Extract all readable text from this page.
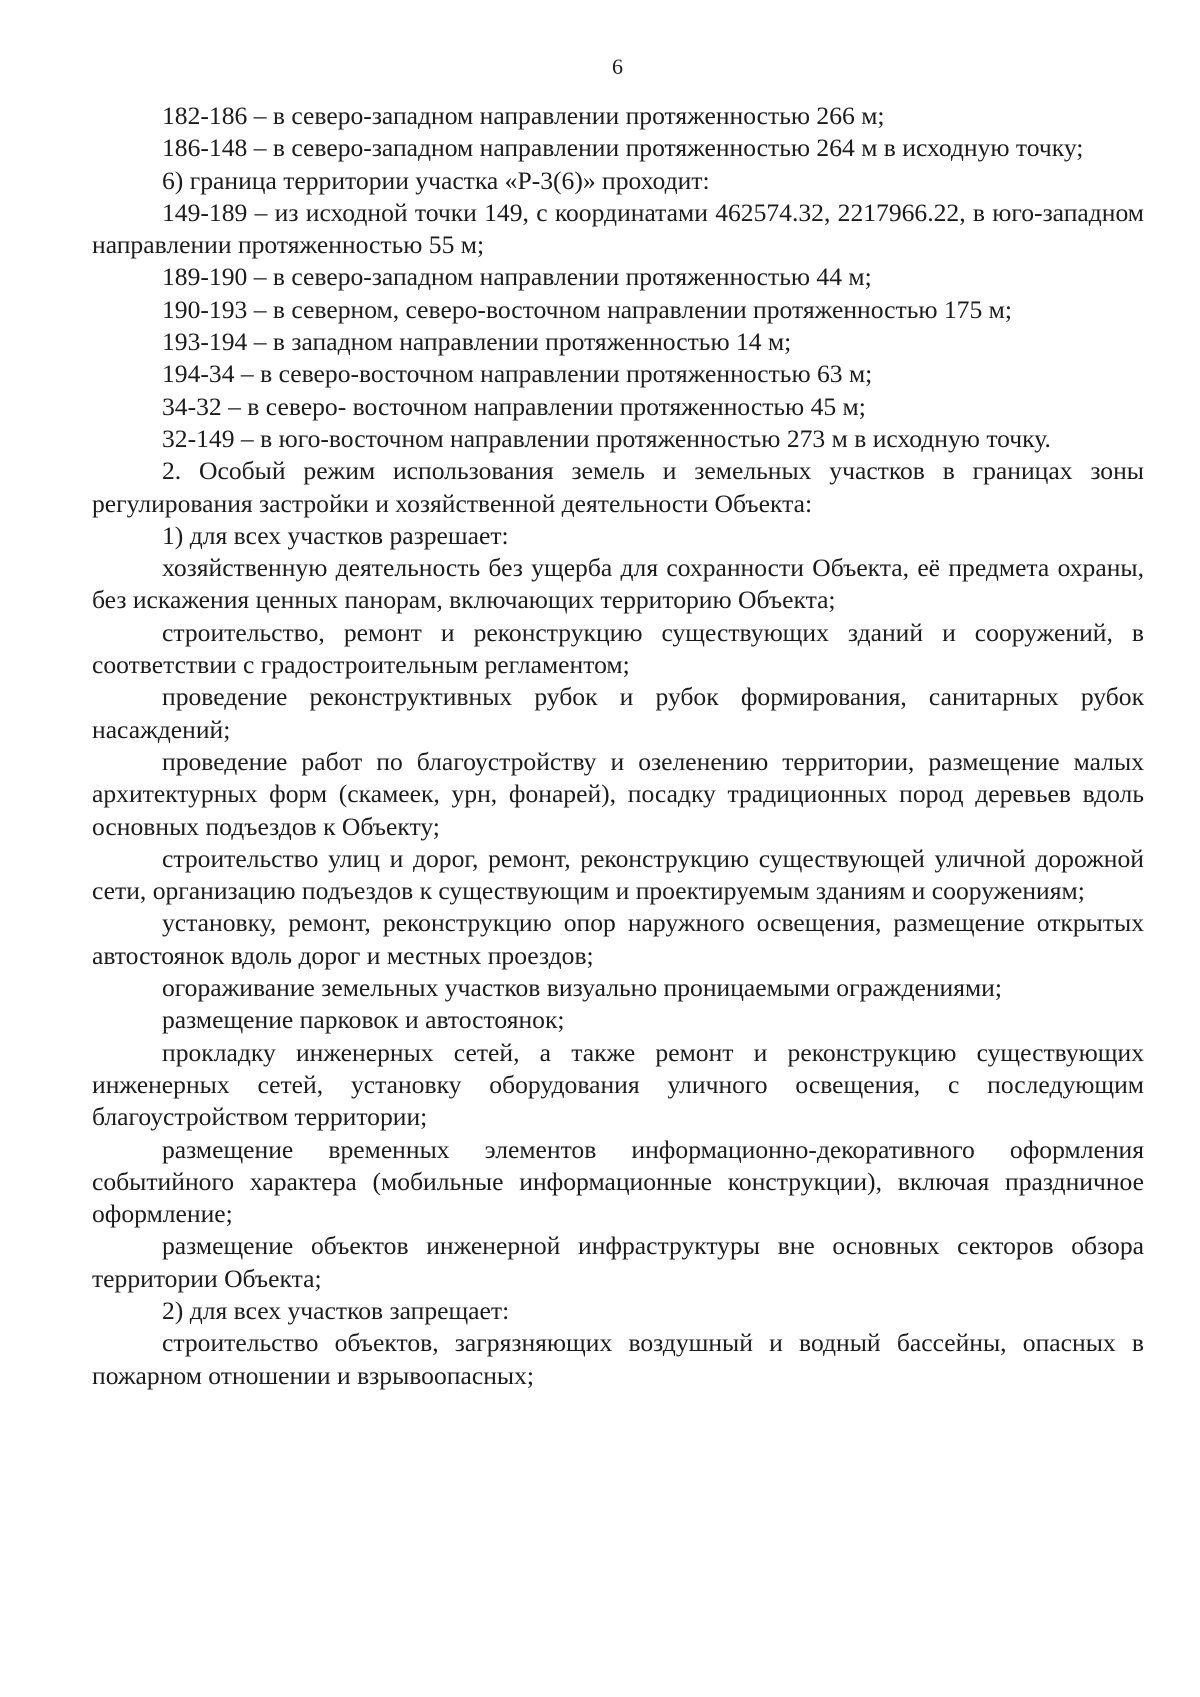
6

182-186 – в северо-западном направлении протяженностью 266 м;

186-148 – в северо-западном направлении протяженностью 264 м в исходную точку;

6) граница территории участка «Р-3(6)» проходит:

149-189 – из исходной точки 149, с координатами 462574.32, 2217966.22, в юго-западном направлении протяженностью 55 м;

189-190 – в северо-западном направлении протяженностью 44 м;

190-193 – в северном, северо-восточном направлении протяженностью 175 м;

193-194 – в западном направлении протяженностью 14 м;

194-34 – в северо-восточном направлении протяженностью 63 м;

34-32 – в северо- восточном направлении протяженностью 45 м;

32-149 – в юго-восточном направлении протяженностью 273 м в исходную точку.

2. Особый режим использования земель и земельных участков в границах зоны регулирования застройки и хозяйственной деятельности Объекта:

1) для всех участков разрешает:

хозяйственную деятельность без ущерба для сохранности Объекта, её предмета охраны, без искажения ценных панорам, включающих территорию Объекта;

строительство, ремонт и реконструкцию существующих зданий и сооружений, в соответствии с градостроительным регламентом;

проведение реконструктивных рубок и рубок формирования, санитарных рубок насаждений;

проведение работ по благоустройству и озеленению территории, размещение малых архитектурных форм (скамеек, урн, фонарей), посадку традиционных пород деревьев вдоль основных подъездов к Объекту;

строительство улиц и дорог, ремонт, реконструкцию существующей уличной дорожной сети, организацию подъездов к существующим и проектируемым зданиям и сооружениям;

установку, ремонт, реконструкцию опор наружного освещения, размещение открытых автостоянок вдоль дорог и местных проездов;

огораживание земельных участков визуально проницаемыми ограждениями;

размещение парковок и автостоянок;

прокладку инженерных сетей, а также ремонт и реконструкцию существующих инженерных сетей, установку оборудования уличного освещения, с последующим благоустройством территории;

размещение временных элементов информационно-декоративного оформления событийного характера (мобильные информационные конструкции), включая праздничное оформление;

размещение объектов инженерной инфраструктуры вне основных секторов обзора территории Объекта;

2) для всех участков запрещает:

строительство объектов, загрязняющих воздушный и водный бассейны, опасных в пожарном отношении и взрывоопасных;
